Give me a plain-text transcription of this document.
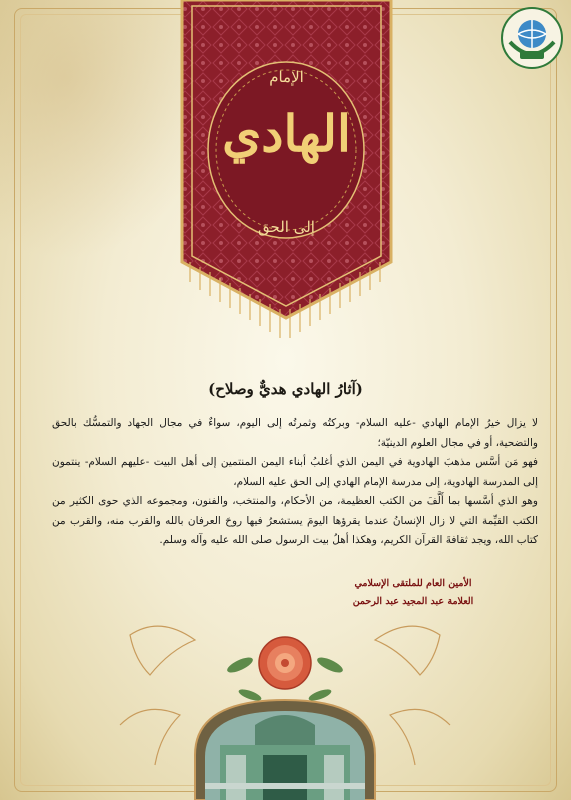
الإمام
الهادي
إلى الحق
(آثارُ الهادي هديٌّ وصلاح)

لا يزال خيرُ الإمام الهادي -عليه السلام- وبركتُه وثمرتُه إلى اليوم، سواءٌ في مجال الجهاد والتمسُّك بالحق والتضحية، أو في مجال العلوم الدينيّة؛

فهو مَن أسَّس مذهبَ الهادوية في اليمن الذي أغلبُ أبناء اليمن المنتمين إلى أهل البيت -عليهم السلام- ينتمون إلى المدرسة الهادوية، إلى مدرسة الإمام الهادي إلى الحق عليه السلام،

وهو الذي أسَّسها بما أَلَّفَ من الكتب العظيمة، من الأحكام، والمنتخب، والفنون، ومجموعه الذي حوى الكثير من الكتب القيِّمة التي لا زال الإنسانُ عندما يقرؤها اليومَ يستشعرُ فيها روحَ العرفان بالله والقرب منه، والقرب من كتاب الله، ويجد ثقافةَ القرآن الكريم، وهكذا أهلُ بيت الرسول صلى الله عليه وآله وسلم.

الأمين العام للملتقى الإسلامي
العلامة عبد المجيد عبد الرحمن
